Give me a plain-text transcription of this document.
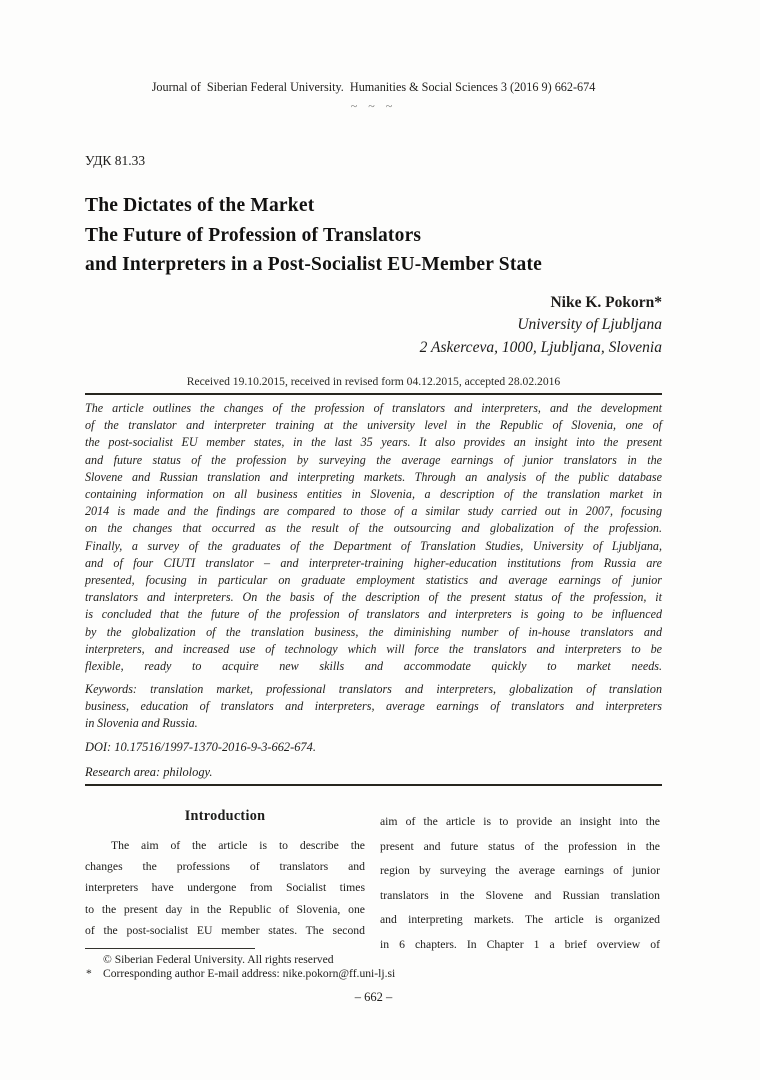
Journal of  Siberian Federal University.  Humanities & Social Sciences 3 (2016 9) 662-674
~ ~ ~
УДК 81.33
The Dictates of the Market
The Future of Profession of Translators
and Interpreters in a Post-Socialist EU-Member State
Nike K. Pokorn*
University of Ljubljana
2 Askerceva, 1000, Ljubljana, Slovenia
Received 19.10.2015, received in revised form 04.12.2015, accepted 28.02.2016
The article outlines the changes of the profession of translators and interpreters, and the development
of the translator and interpreter training at the university level in the Republic of Slovenia, one of
the post-socialist EU member states, in the last 35 years. It also provides an insight into the present
and future status of the profession by surveying the average earnings of junior translators in the
Slovene and Russian translation and interpreting markets. Through an analysis of the public database
containing information on all business entities in Slovenia, a description of the translation market in
2014 is made and the findings are compared to those of a similar study carried out in 2007, focusing
on the changes that occurred as the result of the outsourcing and globalization of the profession.
Finally, a survey of the graduates of the Department of Translation Studies, University of Ljubljana,
and of four CIUTI translator – and interpreter-training higher-education institutions from Russia are
presented, focusing in particular on graduate employment statistics and average earnings of junior
translators and interpreters. On the basis of the description of the present status of the profession, it
is concluded that the future of the profession of translators and interpreters is going to be influenced
by the globalization of the translation business, the diminishing number of in-house translators and
interpreters, and increased use of technology which will force the translators and interpreters to be
flexible, ready to acquire new skills and accommodate quickly to market needs.
Keywords: translation market, professional translators and interpreters, globalization of translation
business, education of translators and interpreters, average earnings of translators and interpreters
in Slovenia and Russia.
DOI: 10.17516/1997-1370-2016-9-3-662-674.
Research area: philology.
Introduction
The aim of the article is to describe the
changes the professions of translators and
interpreters have undergone from Socialist times
to the present day in the Republic of Slovenia, one
of the post-socialist EU member states. The second
aim of the article is to provide an insight into the
present and future status of the profession in the
region by surveying the average earnings of junior
translators in the Slovene and Russian translation
and interpreting markets. The article is organized
in 6 chapters. In Chapter 1 a brief overview of
© Siberian Federal University. All rights reserved
* Corresponding author E-mail address: nike.pokorn@ff.uni-lj.si
– 662 –
